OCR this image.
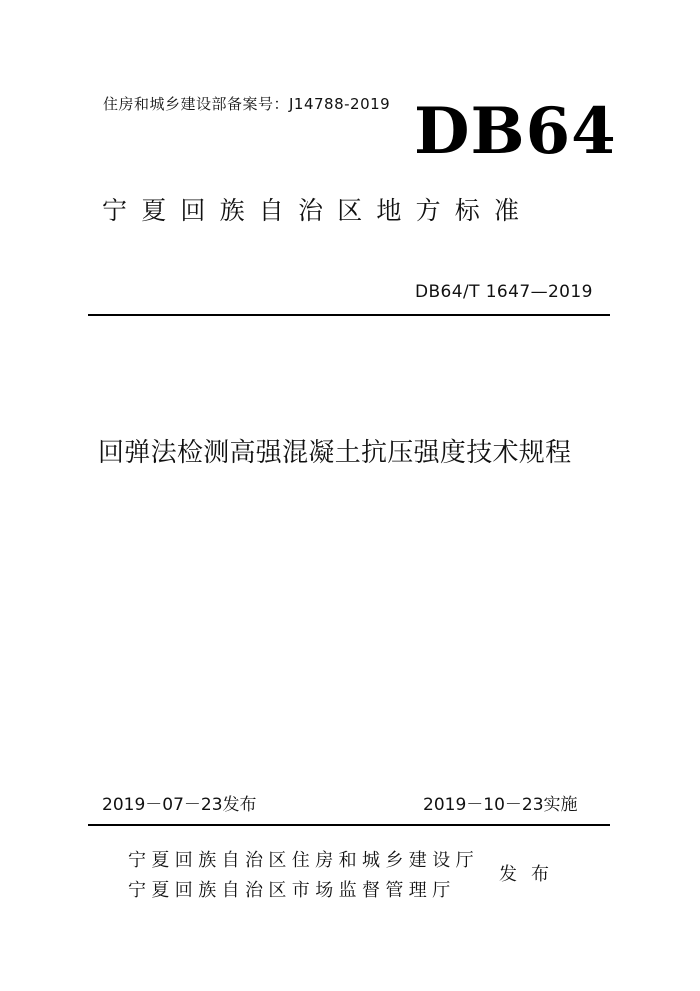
住房和城乡建设部备案号：J14788-2019 DB64
宁夏回族自治区地方标准
DB64/T 1647—2019
回弹法检测高强混凝土抗压强度技术规程
2019－07－23发布	2019－10－23实施
宁夏回族自治区住房和城乡建设厅
宁夏回族自治区市场监督管理厅
发布
